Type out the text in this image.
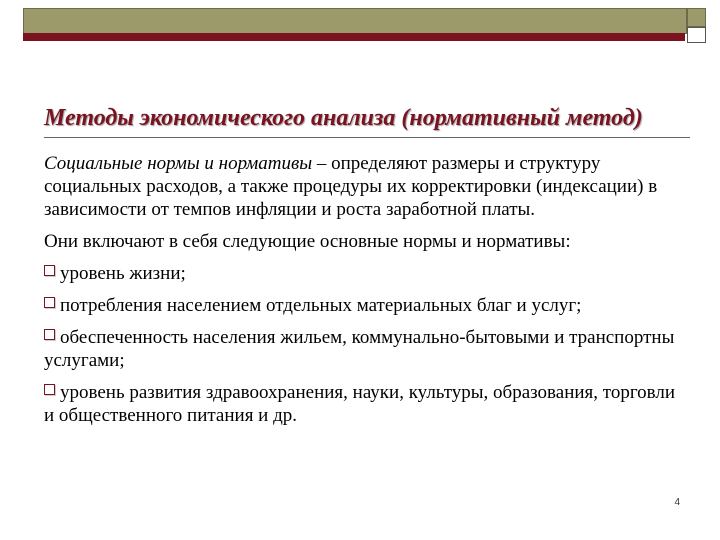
Методы экономического анализа (нормативный метод)

Социальные нормы и нормативы – определяют размеры и структуру социальных расходов, а также процедуры их корректировки (индексации) в зависимости от темпов инфляции и роста заработной платы.

Они включают в себя следующие основные нормы и нормативы:

уровень жизни;
потребления населением отдельных материальных благ и услуг;
обеспеченность населения жильем, коммунально-бытовыми и транспортны услугами;
уровень развития здравоохранения, науки, культуры, образования, торговли и общественного питания и др.
4
